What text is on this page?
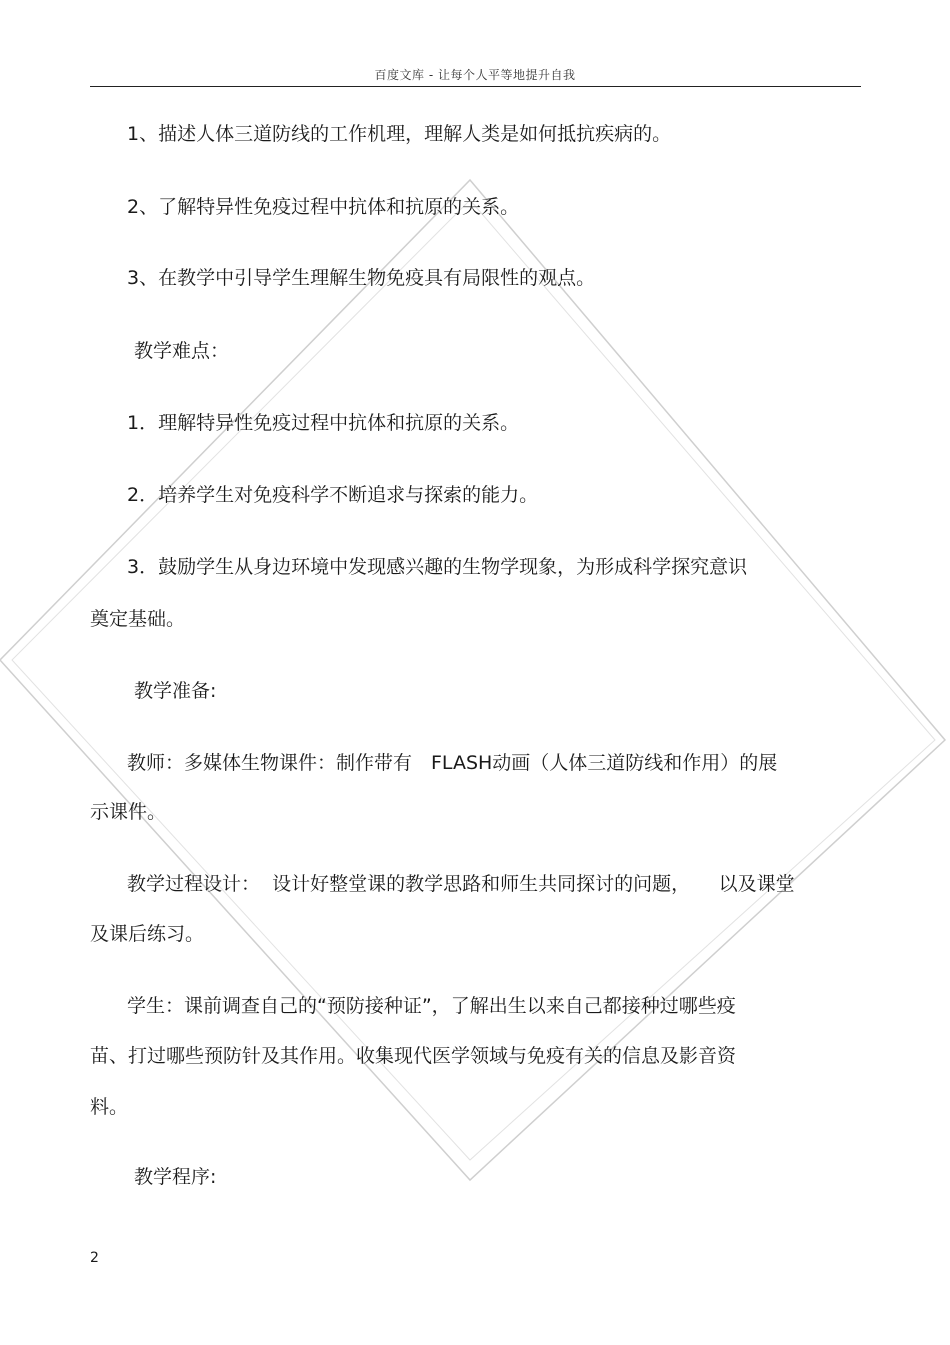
百度文库 - 让每个人平等地提升自我
1、描述人体三道防线的工作机理，理解人类是如何抵抗疾病的。
2、了解特异性免疫过程中抗体和抗原的关系。
3、在教学中引导学生理解生物免疫具有局限性的观点。
教学难点：
1．理解特异性免疫过程中抗体和抗原的关系。
2．培养学生对免疫科学不断追求与探索的能力。
3．鼓励学生从身边环境中发现感兴趣的生物学现象，为形成科学探究意识
奠定基础。
教学准备:
教师：多媒体生物课件：制作带有　FLASH动画（人体三道防线和作用）的展
示课件。
教学过程设计：  设计好整堂课的教学思路和师生共同探讨的问题，　　以及课堂
及课后练习。
学生：课前调查自己的“预防接种证”，了解出生以来自己都接种过哪些疫
苗、打过哪些预防针及其作用。收集现代医学领域与免疫有关的信息及影音资
料。
教学程序:
2
